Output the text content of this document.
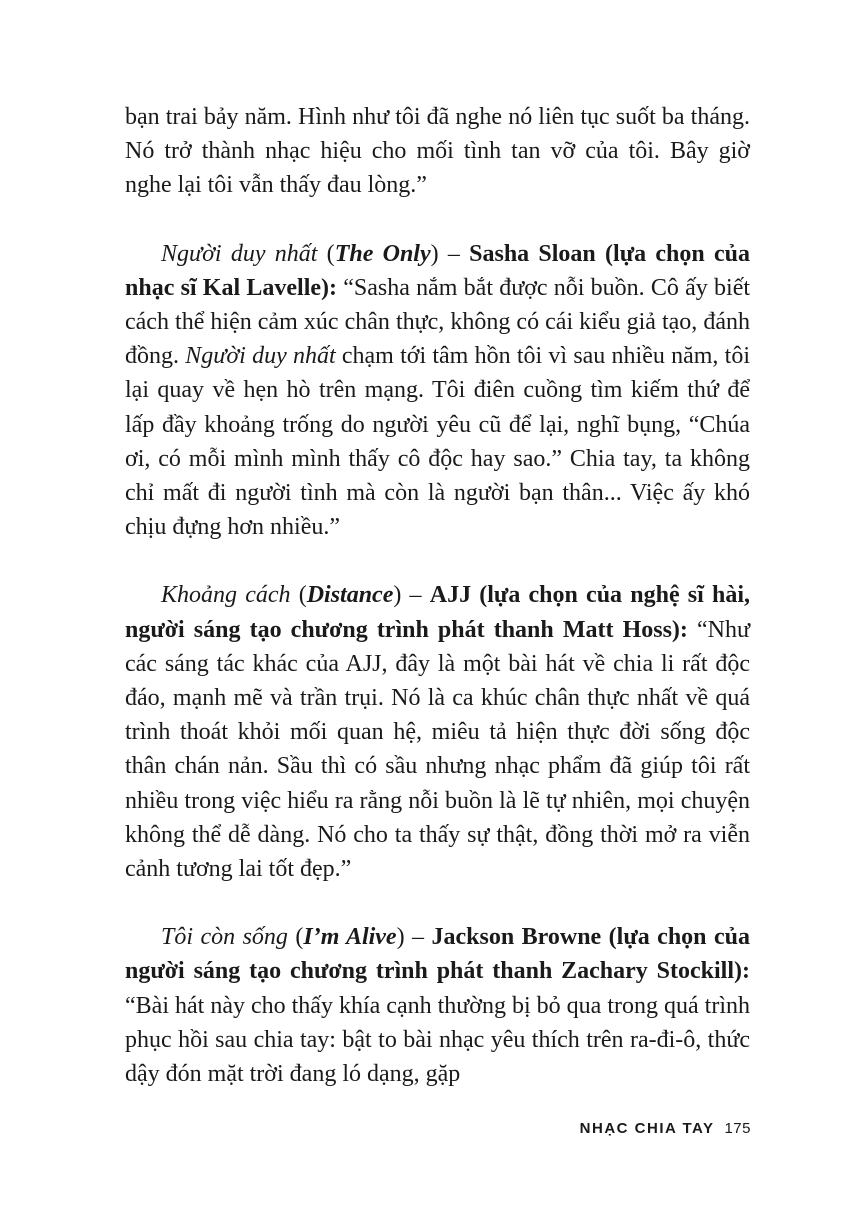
bạn trai bảy năm. Hình như tôi đã nghe nó liên tục suốt ba tháng. Nó trở thành nhạc hiệu cho mối tình tan vỡ của tôi. Bây giờ nghe lại tôi vẫn thấy đau lòng.”

Người duy nhất (The Only) – Sasha Sloan (lựa chọn của nhạc sĩ Kal Lavelle): “Sasha nắm bắt được nỗi buồn. Cô ấy biết cách thể hiện cảm xúc chân thực, không có cái kiểu giả tạo, đánh đồng. Người duy nhất chạm tới tâm hồn tôi vì sau nhiều năm, tôi lại quay về hẹn hò trên mạng. Tôi điên cuồng tìm kiếm thứ để lấp đầy khoảng trống do người yêu cũ để lại, nghĩ bụng, “Chúa ơi, có mỗi mình mình thấy cô độc hay sao.” Chia tay, ta không chỉ mất đi người tình mà còn là người bạn thân... Việc ấy khó chịu đựng hơn nhiều.”

Khoảng cách (Distance) – AJJ (lựa chọn của nghệ sĩ hài, người sáng tạo chương trình phát thanh Matt Hoss): “Như các sáng tác khác của AJJ, đây là một bài hát về chia li rất độc đáo, mạnh mẽ và trần trụi. Nó là ca khúc chân thực nhất về quá trình thoát khỏi mối quan hệ, miêu tả hiện thực đời sống độc thân chán nản. Sầu thì có sầu nhưng nhạc phẩm đã giúp tôi rất nhiều trong việc hiểu ra rằng nỗi buồn là lẽ tự nhiên, mọi chuyện không thể dễ dàng. Nó cho ta thấy sự thật, đồng thời mở ra viễn cảnh tương lai tốt đẹp.”

Tôi còn sống (I’m Alive) – Jackson Browne (lựa chọn của người sáng tạo chương trình phát thanh Zachary Stockill): “Bài hát này cho thấy khía cạnh thường bị bỏ qua trong quá trình phục hồi sau chia tay: bật to bài nhạc yêu thích trên ra-đi-ô, thức dậy đón mặt trời đang ló dạng, gặp

NHẠC CHIA TAY 175
